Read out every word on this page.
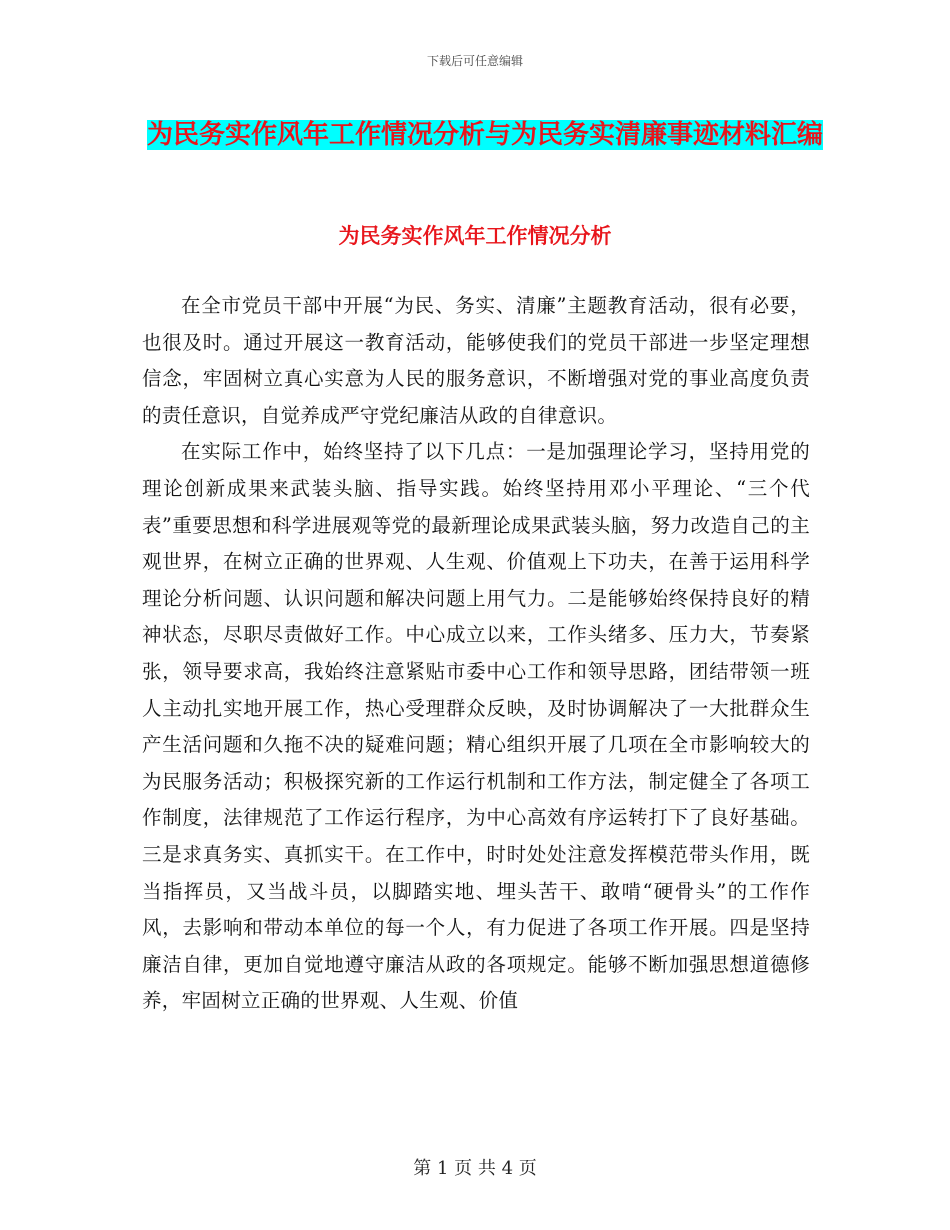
下载后可任意编辑
为民务实作风年工作情况分析与为民务实清廉事迹材料汇编
为民务实作风年工作情况分析

在全市党员干部中开展“为民、务实、清廉”主题教育活动，很有必要，也很及时。通过开展这一教育活动，能够使我们的党员干部进一步坚定理想信念，牢固树立真心实意为人民的服务意识，不断增强对党的事业高度负责的责任意识，自觉养成严守党纪廉洁从政的自律意识。

在实际工作中，始终坚持了以下几点：一是加强理论学习，坚持用党的理论创新成果来武装头脑、指导实践。始终坚持用邓小平理论、“三个代表”重要思想和科学进展观等党的最新理论成果武装头脑，努力改造自己的主观世界，在树立正确的世界观、人生观、价值观上下功夫，在善于运用科学理论分析问题、认识问题和解决问题上用气力。二是能够始终保持良好的精神状态，尽职尽责做好工作。中心成立以来，工作头绪多、压力大，节奏紧张，领导要求高，我始终注意紧贴市委中心工作和领导思路，团结带领一班人主动扎实地开展工作，热心受理群众反映，及时协调解决了一大批群众生产生活问题和久拖不决的疑难问题；精心组织开展了几项在全市影响较大的为民服务活动；积极探究新的工作运行机制和工作方法，制定健全了各项工作制度，法律规范了工作运行程序，为中心高效有序运转打下了良好基础。三是求真务实、真抓实干。在工作中，时时处处注意发挥模范带头作用，既当指挥员，又当战斗员，以脚踏实地、埋头苦干、敢啃“硬骨头”的工作作风，去影响和带动本单位的每一个人，有力促进了各项工作开展。四是坚持廉洁自律，更加自觉地遵守廉洁从政的各项规定。能够不断加强思想道德修养，牢固树立正确的世界观、人生观、价值

第 1 页 共 4 页
